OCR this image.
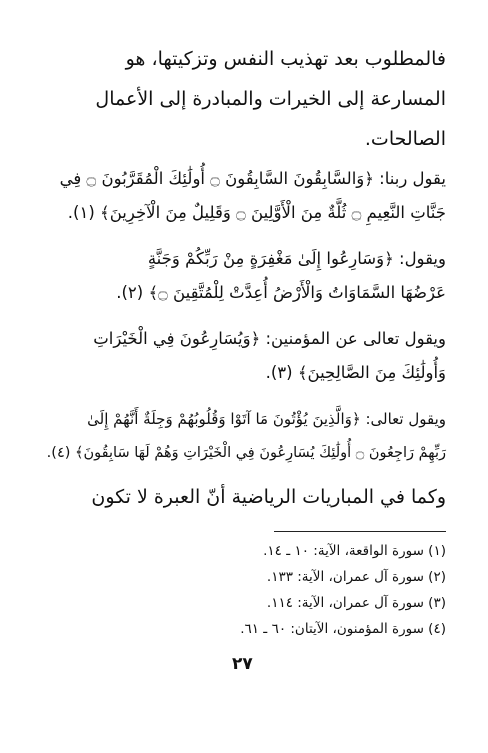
فالمطلوب بعد تهذيب النفس وتزكيتها، هو
المسارعة إلى الخيرات والمبادرة إلى الأعمال
الصالحات.
يقول ربنا: ﴿وَالسَّابِقُونَ السَّابِقُونَ ۝ أُولَٰئِكَ الْمُقَرَّبُونَ ۝ فِي
جَنَّاتِ النَّعِيمِ ۝ ثُلَّةٌ مِنَ الْأَوَّلِينَ ۝ وَقَلِيلٌ مِنَ الْآخِرِينَ﴾ (١).
ويقول: ﴿وَسَارِعُوا إِلَىٰ مَغْفِرَةٍ مِنْ رَبِّكُمْ وَجَنَّةٍ
عَرْضُهَا السَّمَاوَاتُ وَالْأَرْضُ أُعِدَّتْ لِلْمُتَّقِينَ ۝﴾ (٢).
ويقول تعالى عن المؤمنين: ﴿وَيُسَارِعُونَ فِي الْخَيْرَاتِ
وَأُولَٰئِكَ مِنَ الصَّالِحِينَ﴾ (٣).
ويقول تعالى: ﴿وَالَّذِينَ يُؤْتُونَ مَا آتَوْا وَقُلُوبُهُمْ وَجِلَةٌ أَنَّهُمْ إِلَىٰ
رَبِّهِمْ رَاجِعُونَ ۝ أُولَٰئِكَ يُسَارِعُونَ فِي الْخَيْرَاتِ وَهُمْ لَهَا سَابِقُونَ﴾ (٤).
وكما في المباريات الرياضية أنّ العبرة لا تكون
(١) سورة الواقعة، الآية: ١٠ ـ ١٤.
(٢) سورة آل عمران، الآية: ١٣٣.
(٣) سورة آل عمران، الآية: ١١٤.
(٤) سورة المؤمنون، الآيتان: ٦٠ ـ ٦١.
٢٧
